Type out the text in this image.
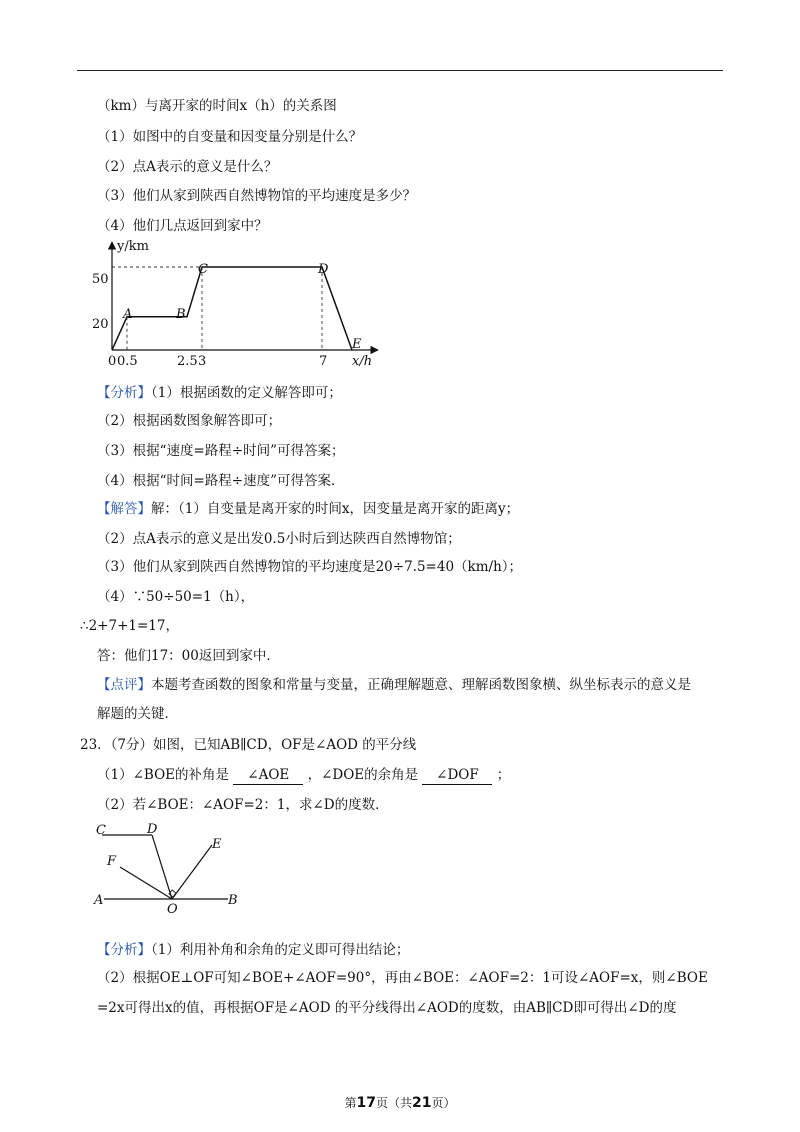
（km）与离开家的时间x（h）的关系图
（1）如图中的自变量和因变量分别是什么？
（2）点A表示的意义是什么？
（3）他们从家到陕西自然博物馆的平均速度是多少？
（4）他们几点返回到家中？
y/km
x/h
50
20
0 0.5	2.5 3	7
A	B
C	D
E
【分析】（1）根据函数的定义解答即可；
（2）根据函数图象解答即可；
（3）根据“速度=路程÷时间”可得答案；
（4）根据“时间=路程÷速度”可得答案．
【解答】解：（1）自变量是离开家的时间x，因变量是离开家的距离y；
（2）点A表示的意义是出发0.5小时后到达陕西自然博物馆；
（3）他们从家到陕西自然博物馆的平均速度是20÷7.5=40（km/h）；
（4）∵50÷50=1（h），
∴2+7+1=17，
答：他们17：00返回到家中．
【点评】本题考查函数的图象和常量与变量，正确理解题意、理解函数图象横、纵坐标表示的意义是
解题的关键．
23．（7分）如图，已知AB∥CD，OF是∠AOD 的平分线
（1）∠BOE的补角是 ∠AOE ，∠DOE的余角是 ∠DOF ；
（2）若∠BOE：∠AOF=2：1，求∠D的度数．
C	D
E
F
A
O
B
【分析】（1）利用补角和余角的定义即可得出结论；
（2）根据OE⊥OF可知∠BOE+∠AOF=90°，再由∠BOE：∠AOF=2：1可设∠AOF=x，则∠BOE
=2x可得出x的值，再根据OF是∠AOD 的平分线得出∠AOD的度数，由AB∥CD即可得出∠D的度
第17页（共21页）
